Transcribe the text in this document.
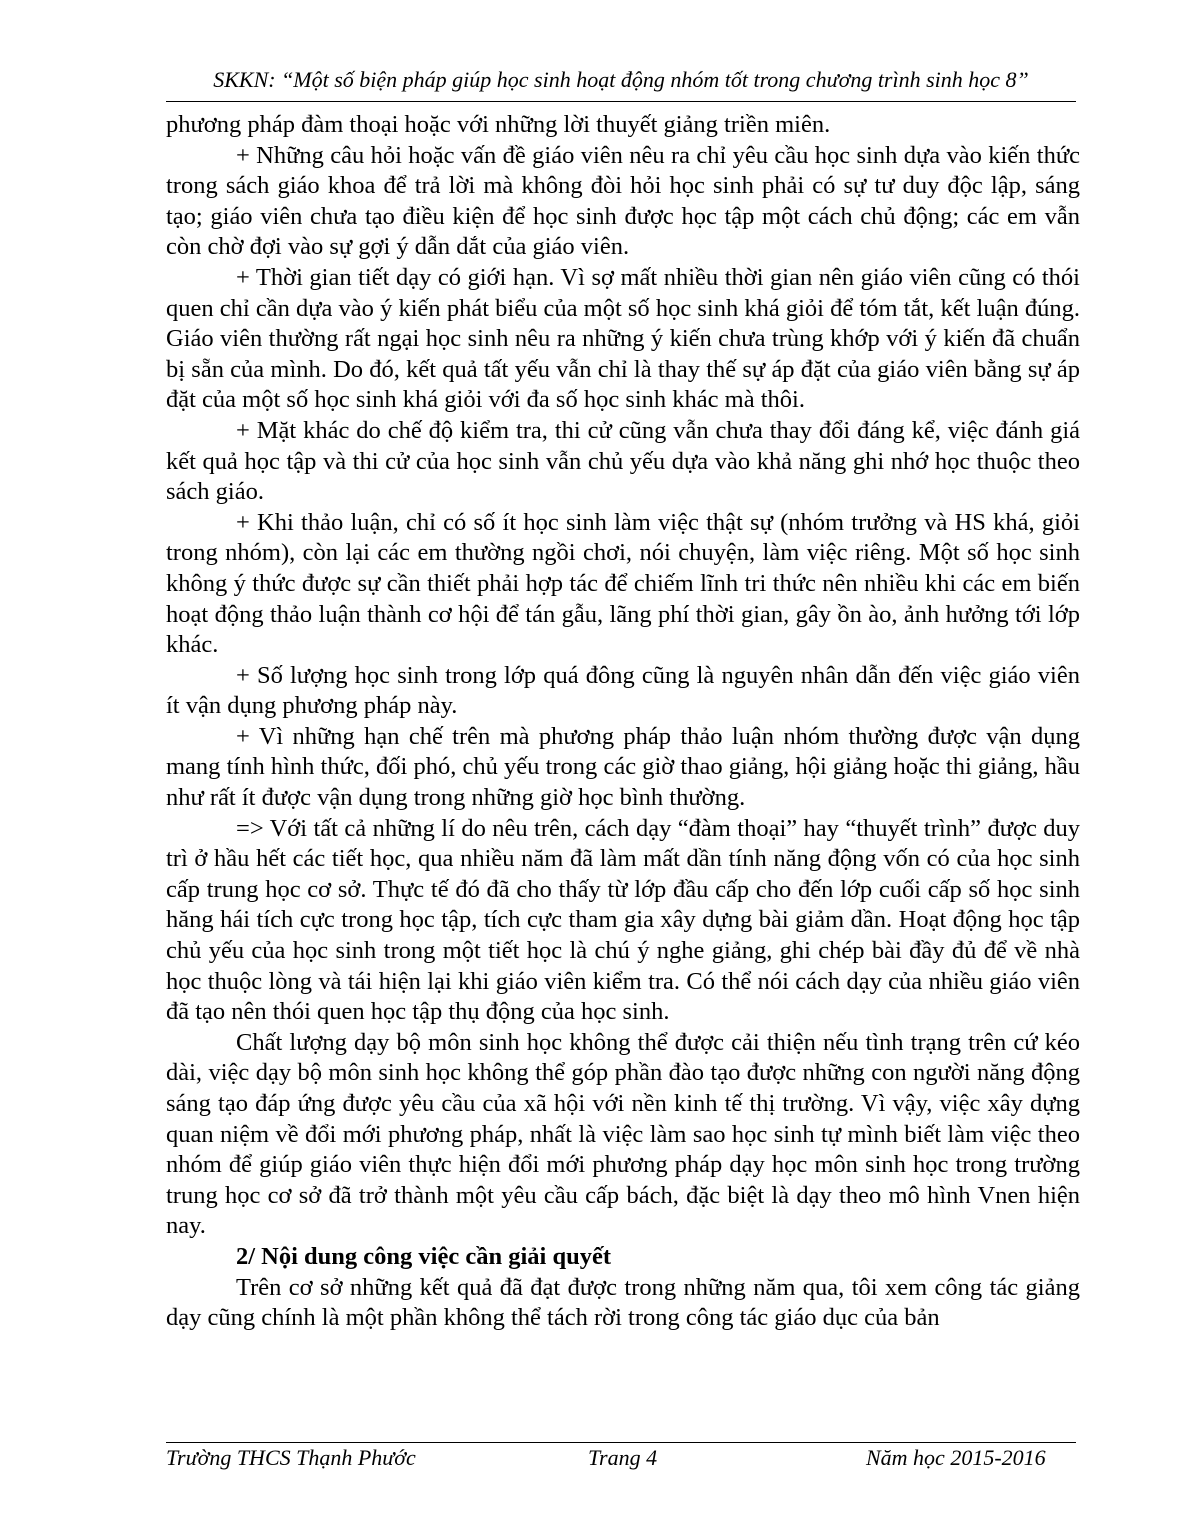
SKKN: “Một số biện pháp giúp học sinh hoạt động nhóm tốt trong chương trình sinh học 8”

phương pháp đàm thoại hoặc với những lời thuyết giảng triền miên.

+ Những câu hỏi hoặc vấn đề giáo viên nêu ra chỉ yêu cầu học sinh dựa vào kiến thức trong sách giáo khoa để trả lời mà không đòi hỏi học sinh phải có sự tư duy độc lập, sáng tạo; giáo viên chưa tạo điều kiện để học sinh được học tập một cách chủ động; các em vẫn còn chờ đợi vào sự gợi ý dẫn dắt của giáo viên.

+ Thời gian tiết dạy có giới hạn. Vì sợ mất nhiều thời gian nên giáo viên cũng có thói quen chỉ cần dựa vào ý kiến phát biểu của một số học sinh khá giỏi để tóm tắt, kết luận đúng. Giáo viên thường rất ngại học sinh nêu ra những ý kiến chưa trùng khớp với ý kiến đã chuẩn bị sẵn của mình. Do đó, kết quả tất yếu vẫn chỉ là thay thế sự áp đặt của giáo viên bằng sự áp đặt của một số học sinh khá giỏi với đa số học sinh khác mà thôi.

+ Mặt khác do chế độ kiểm tra, thi cử cũng vẫn chưa thay đổi đáng kể, việc đánh giá kết quả học tập và thi cử của học sinh vẫn chủ yếu dựa vào khả năng ghi nhớ học thuộc theo sách giáo.

+ Khi thảo luận, chỉ có số ít học sinh làm việc thật sự (nhóm trưởng và HS khá, giỏi trong nhóm), còn lại các em thường ngồi chơi, nói chuyện, làm việc riêng. Một số học sinh không ý thức được sự cần thiết phải hợp tác để chiếm lĩnh tri thức nên nhiều khi các em biến hoạt động thảo luận thành cơ hội để tán gẫu, lãng phí thời gian, gây ồn ào, ảnh hưởng tới lớp khác.

+ Số lượng học sinh trong lớp quá đông cũng là nguyên nhân dẫn đến việc giáo viên ít vận dụng phương pháp này.

+ Vì những hạn chế trên mà phương pháp thảo luận nhóm thường được vận dụng mang tính hình thức, đối phó, chủ yếu trong các giờ thao giảng, hội giảng hoặc thi giảng, hầu như rất ít được vận dụng trong những giờ học bình thường.

=> Với tất cả những lí do nêu trên, cách dạy “đàm thoại” hay “thuyết trình” được duy trì ở hầu hết các tiết học, qua nhiều năm đã làm mất dần tính năng động vốn có của học sinh cấp trung học cơ sở. Thực tế đó đã cho thấy từ lớp đầu cấp cho đến lớp cuối cấp số học sinh hăng hái tích cực trong học tập, tích cực tham gia xây dựng bài giảm dần. Hoạt động học tập chủ yếu của học sinh trong một tiết học là chú ý nghe giảng, ghi chép bài đầy đủ để về nhà học thuộc lòng và tái hiện lại khi giáo viên kiểm tra. Có thể nói cách dạy của nhiều giáo viên đã tạo nên thói quen học tập thụ động của học sinh.

Chất lượng dạy bộ môn sinh học không thể được cải thiện nếu tình trạng trên cứ kéo dài, việc dạy bộ môn sinh học không thể góp phần đào tạo được những con người năng động sáng tạo đáp ứng được yêu cầu của xã hội với nền kinh tế thị trường. Vì vậy, việc xây dựng quan niệm về đổi mới phương pháp, nhất là việc làm sao học sinh tự mình biết làm việc theo nhóm để giúp giáo viên thực hiện đổi mới phương pháp dạy học môn sinh học trong trường trung học cơ sở đã trở thành một yêu cầu cấp bách, đặc biệt là dạy theo mô hình Vnen hiện nay.

2/ Nội dung công việc cần giải quyết

Trên cơ sở những kết quả đã đạt được trong những năm qua, tôi xem công tác giảng dạy cũng chính là một phần không thể tách rời trong công tác giáo dục của bản

Trường THCS Thạnh Phước	Trang 4	Năm học 2015-2016
